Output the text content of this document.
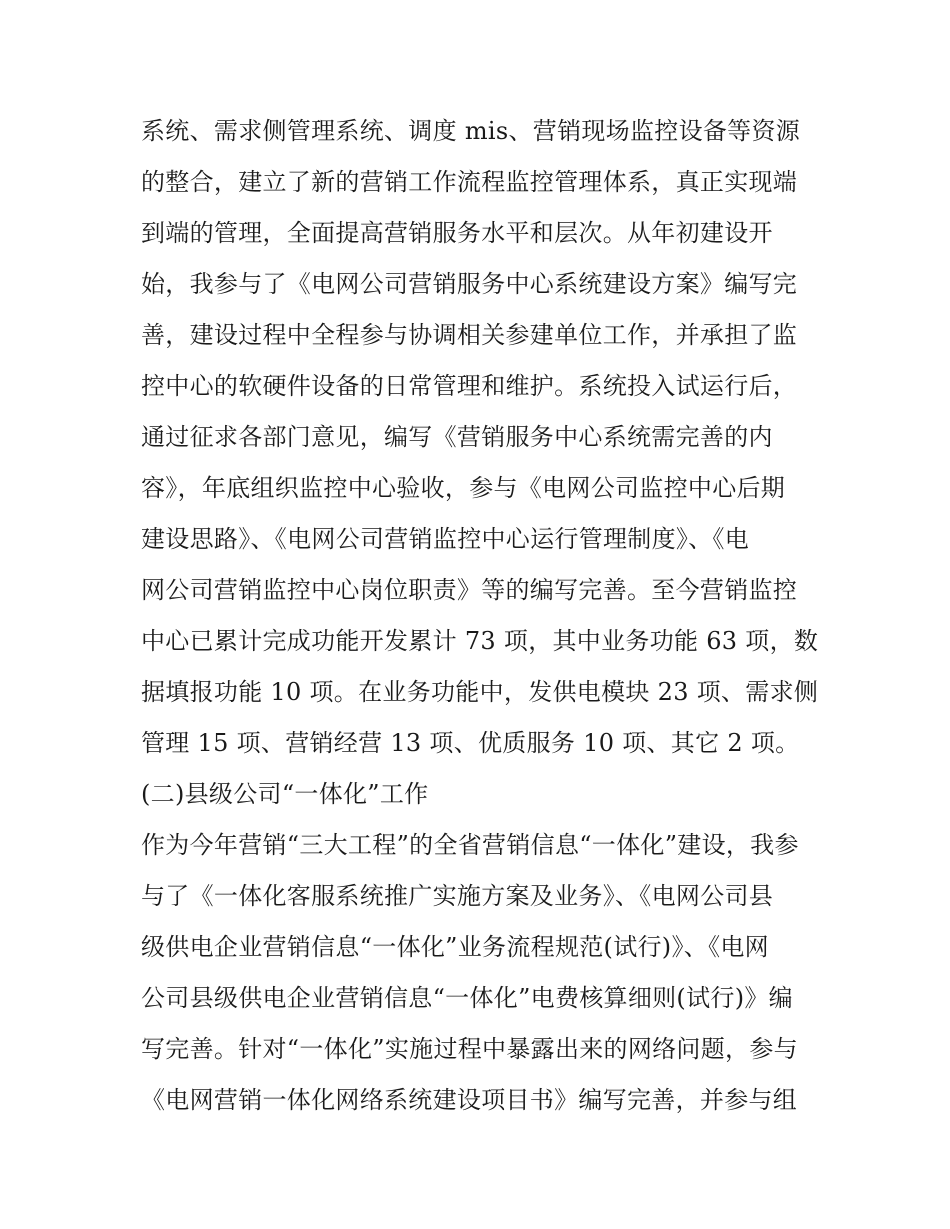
系统、需求侧管理系统、调度 mis、营销现场监控设备等资源
的整合，建立了新的营销工作流程监控管理体系，真正实现端
到端的管理，全面提高营销服务水平和层次。从年初建设开
始，我参与了《电网公司营销服务中心系统建设方案》编写完
善，建设过程中全程参与协调相关参建单位工作，并承担了监
控中心的软硬件设备的日常管理和维护。系统投入试运行后，
通过征求各部门意见，编写《营销服务中心系统需完善的内
容》，年底组织监控中心验收，参与《电网公司监控中心后期
建设思路》、《电网公司营销监控中心运行管理制度》、《电
网公司营销监控中心岗位职责》等的编写完善。至今营销监控
中心已累计完成功能开发累计 73 项，其中业务功能 63 项，数
据填报功能 10 项。在业务功能中，发供电模块 23 项、需求侧
管理 15 项、营销经营 13 项、优质服务 10 项、其它 2 项。
(二)县级公司“一体化”工作
作为今年营销“三大工程”的全省营销信息“一体化”建设，我参
与了《一体化客服系统推广实施方案及业务》、《电网公司县
级供电企业营销信息“一体化”业务流程规范(试行)》、《电网
公司县级供电企业营销信息“一体化”电费核算细则(试行)》编
写完善。针对“一体化”实施过程中暴露出来的网络问题，参与
《电网营销一体化网络系统建设项目书》编写完善，并参与组
